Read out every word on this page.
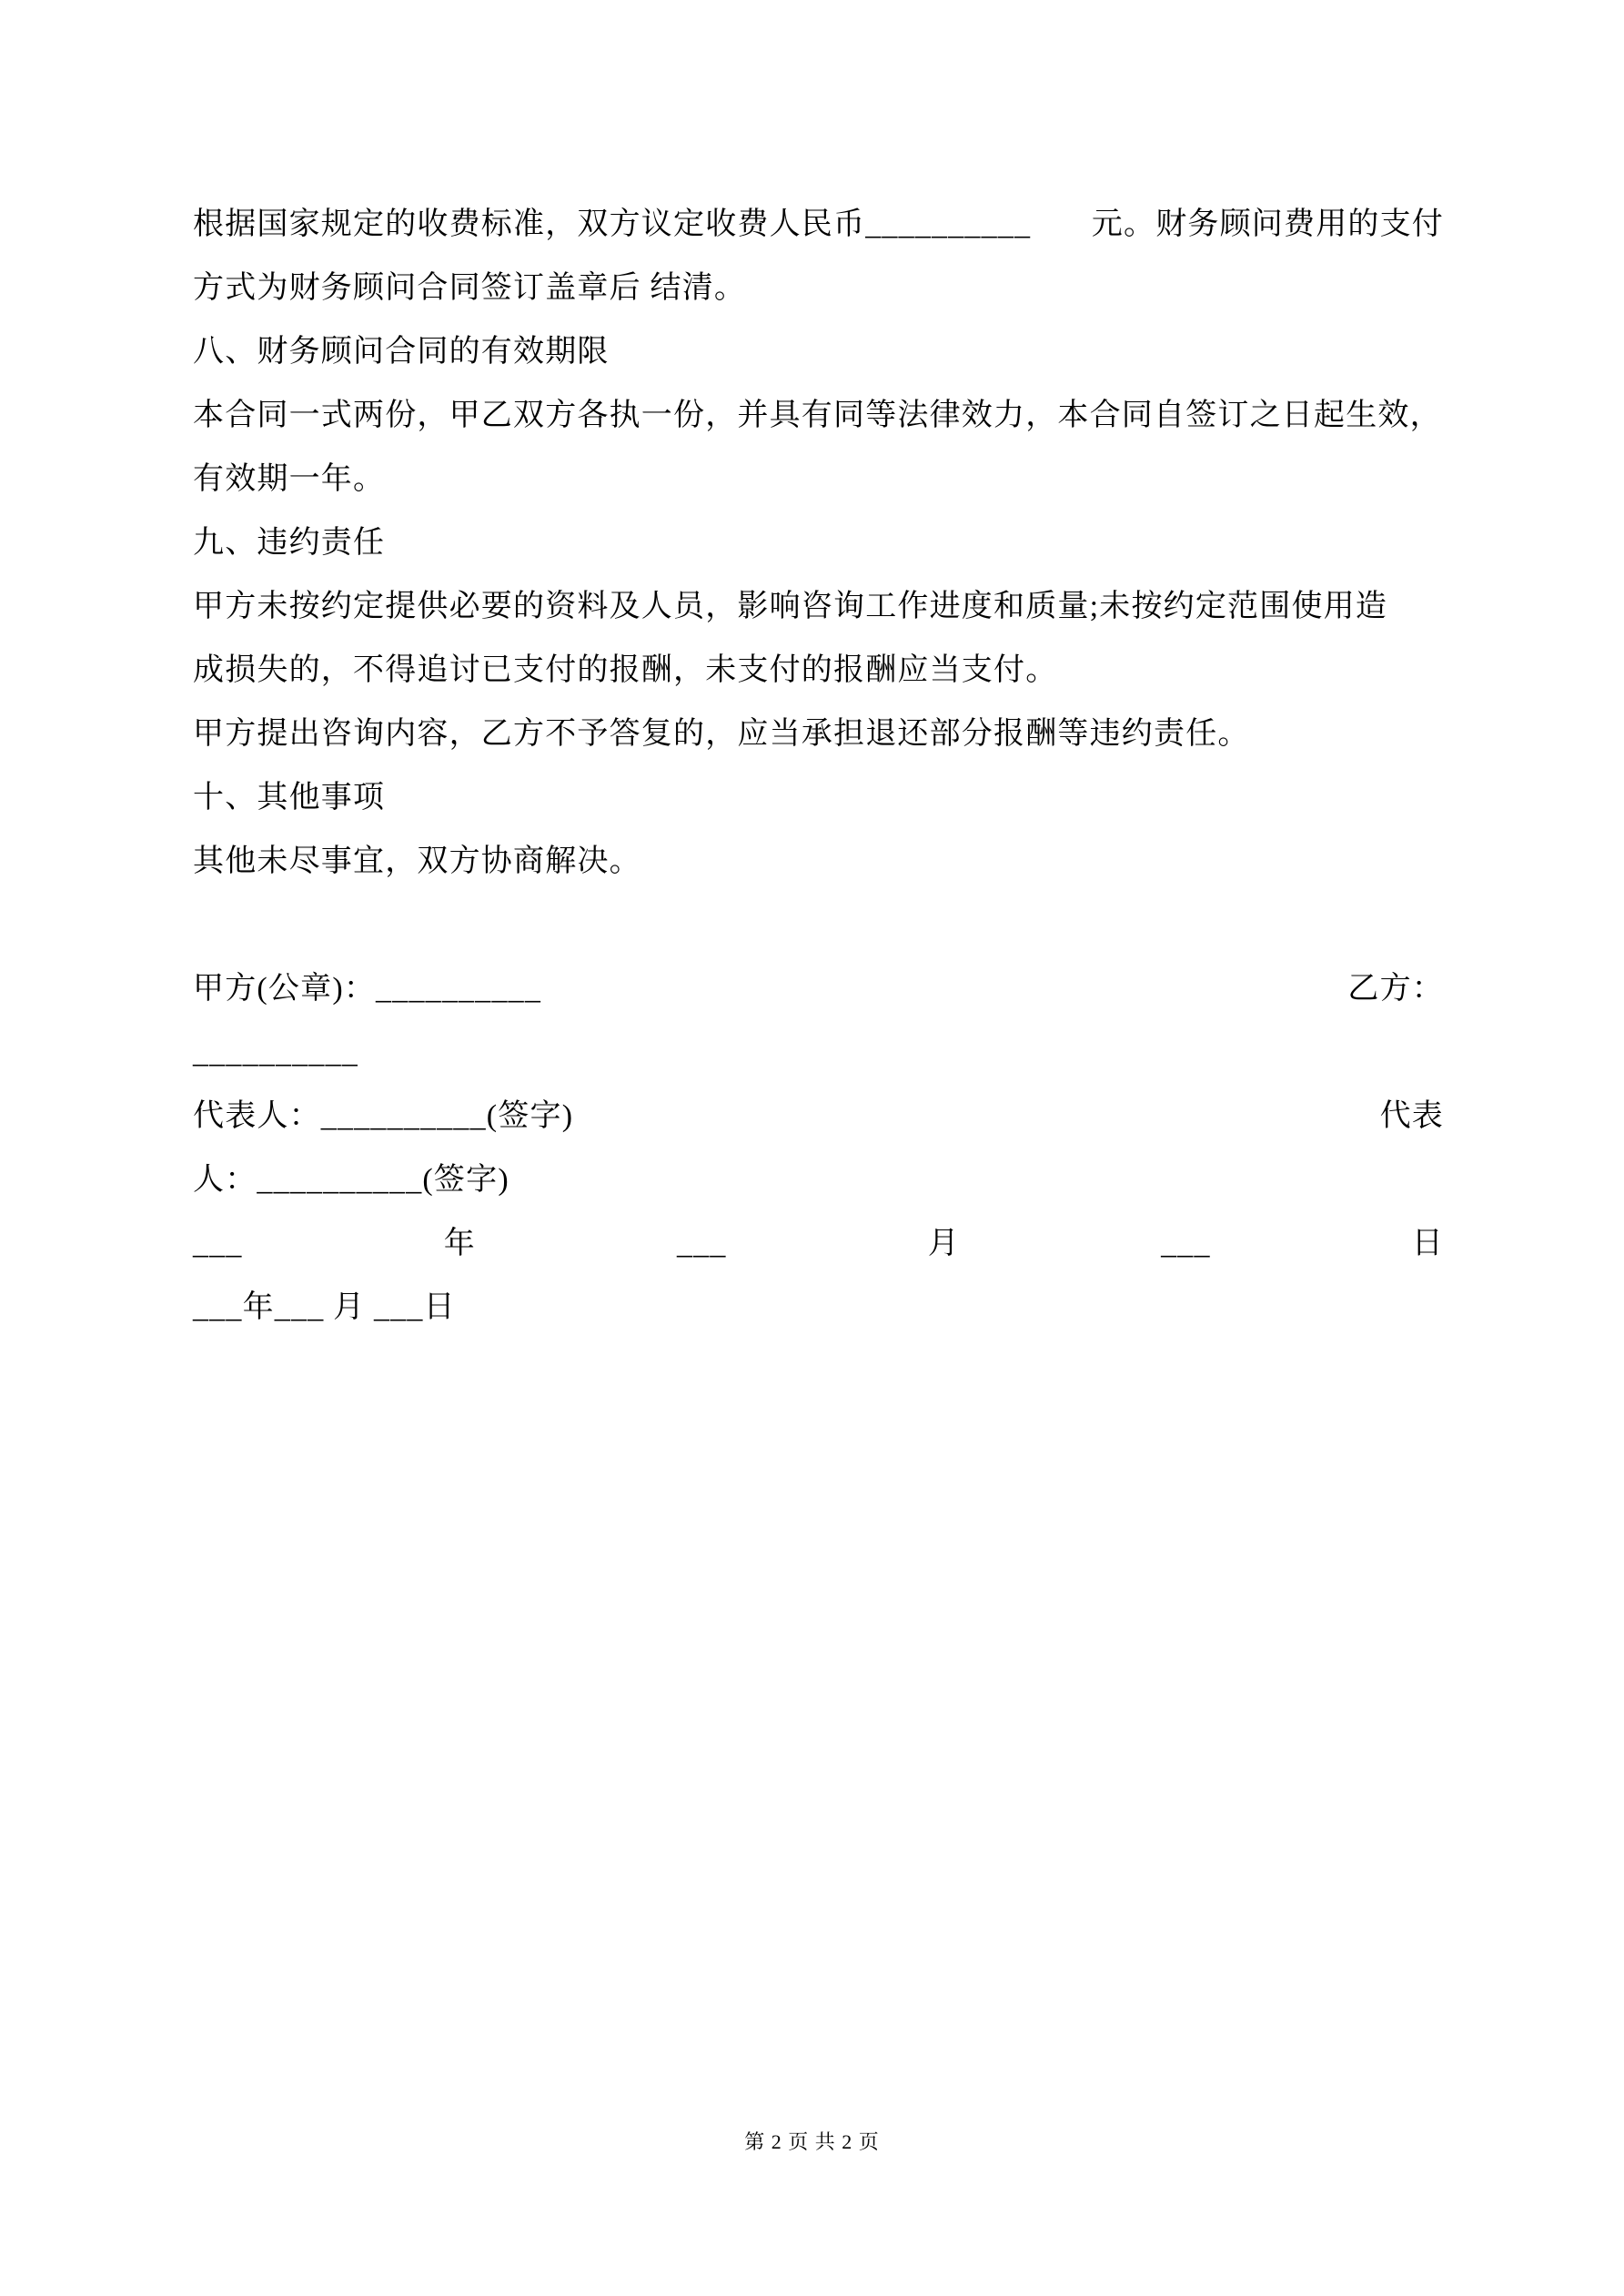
根据国家规定的收费标准，双方议定收费人民币__________ 元。财务顾问费用的支付
方式为财务顾问合同签订盖章后 结清。
八、财务顾问合同的有效期限
本合同一式两份，甲乙双方各执一份，并具有同等法律效力，本合同自签订之日起生效，
有效期一年。
九、违约责任
甲方未按约定提供必要的资料及人员，影响咨询工作进度和质量;未按约定范围使用造
成损失的，不得追讨已支付的报酬，未支付的报酬应当支付。
甲方提出咨询内容，乙方不予答复的，应当承担退还部分报酬等违约责任。
十、其他事项
其他未尽事宜，双方协商解决。
甲方(公章)：__________	乙方：
__________
代表人：__________(签字)	代表
人：__________(签字)
___	年	___	月	___	日
___年___ 月 ___日
第 2 页 共 2 页
